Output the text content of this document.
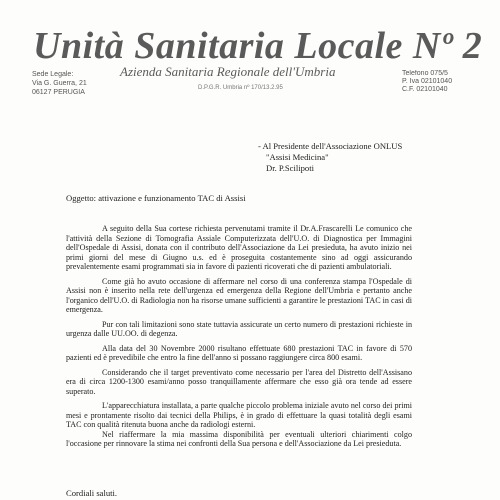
Unità Sanitaria Locale Nº 2
Azienda Sanitaria Regionale dell'Umbria
Sede Legale:
Via G. Guerra, 21
06127 PERUGIA
D.P.G.R. Umbria nº 170/13.2.95
Telefono 075/5
P. Iva 02101040
C.F. 02101040
- Al Presidente dell'Associazione ONLUS
"Assisi Medicina"
Dr. P.Scilipoti
Oggetto: attivazione e funzionamento TAC di Assisi

A seguito della Sua cortese richiesta pervenutami tramite il Dr.A.Frascarelli Le comunico che l'attività della Sezione di Tomografia Assiale Computerizzata dell'U.O. di Diagnostica per Immagini dell'Ospedale di Assisi, donata con il contributo dell'Associazione da Lei presieduta, ha avuto inizio nei primi giorni del mese di Giugno u.s. ed è proseguita costantemente sino ad oggi assicurando prevalentemente esami programmati sia in favore di pazienti ricoverati che di pazienti ambulatoriali.

Come già ho avuto occasione di affermare nel corso di una conferenza stampa l'Ospedale di Assisi non è inserito nella rete dell'urgenza ed emergenza della Regione dell'Umbria e pertanto anche l'organico dell'U.O. di Radiologia non ha risorse umane sufficienti a garantire le prestazioni TAC in casi di emergenza.

Pur con tali limitazioni sono state tuttavia assicurate un certo numero di prestazioni richieste in urgenza dalle UU.OO. di degenza.

Alla data del 30 Novembre 2000 risultano effettuate 680 prestazioni TAC in favore di 570 pazienti ed è prevedibile che entro la fine dell'anno si possano raggiungere circa 800 esami.

Considerando che il target preventivato come necessario per l'area del Distretto dell'Assisano era di circa 1200-1300 esami/anno posso tranquillamente affermare che esso già ora tende ad essere superato.

L'apparecchiatura installata, a parte qualche piccolo problema iniziale avuto nel corso dei primi mesi e prontamente risolto dai tecnici della Philips, è in grado di effettuare la quasi totalità degli esami TAC con qualità ritenuta buona anche da radiologi esterni.

Nel riaffermare la mia massima disponibilità per eventuali ulteriori chiarimenti colgo l'occasione per rinnovare la stima nei confronti della Sua persona e dell'Associazione da Lei presieduta.

Cordiali saluti.
